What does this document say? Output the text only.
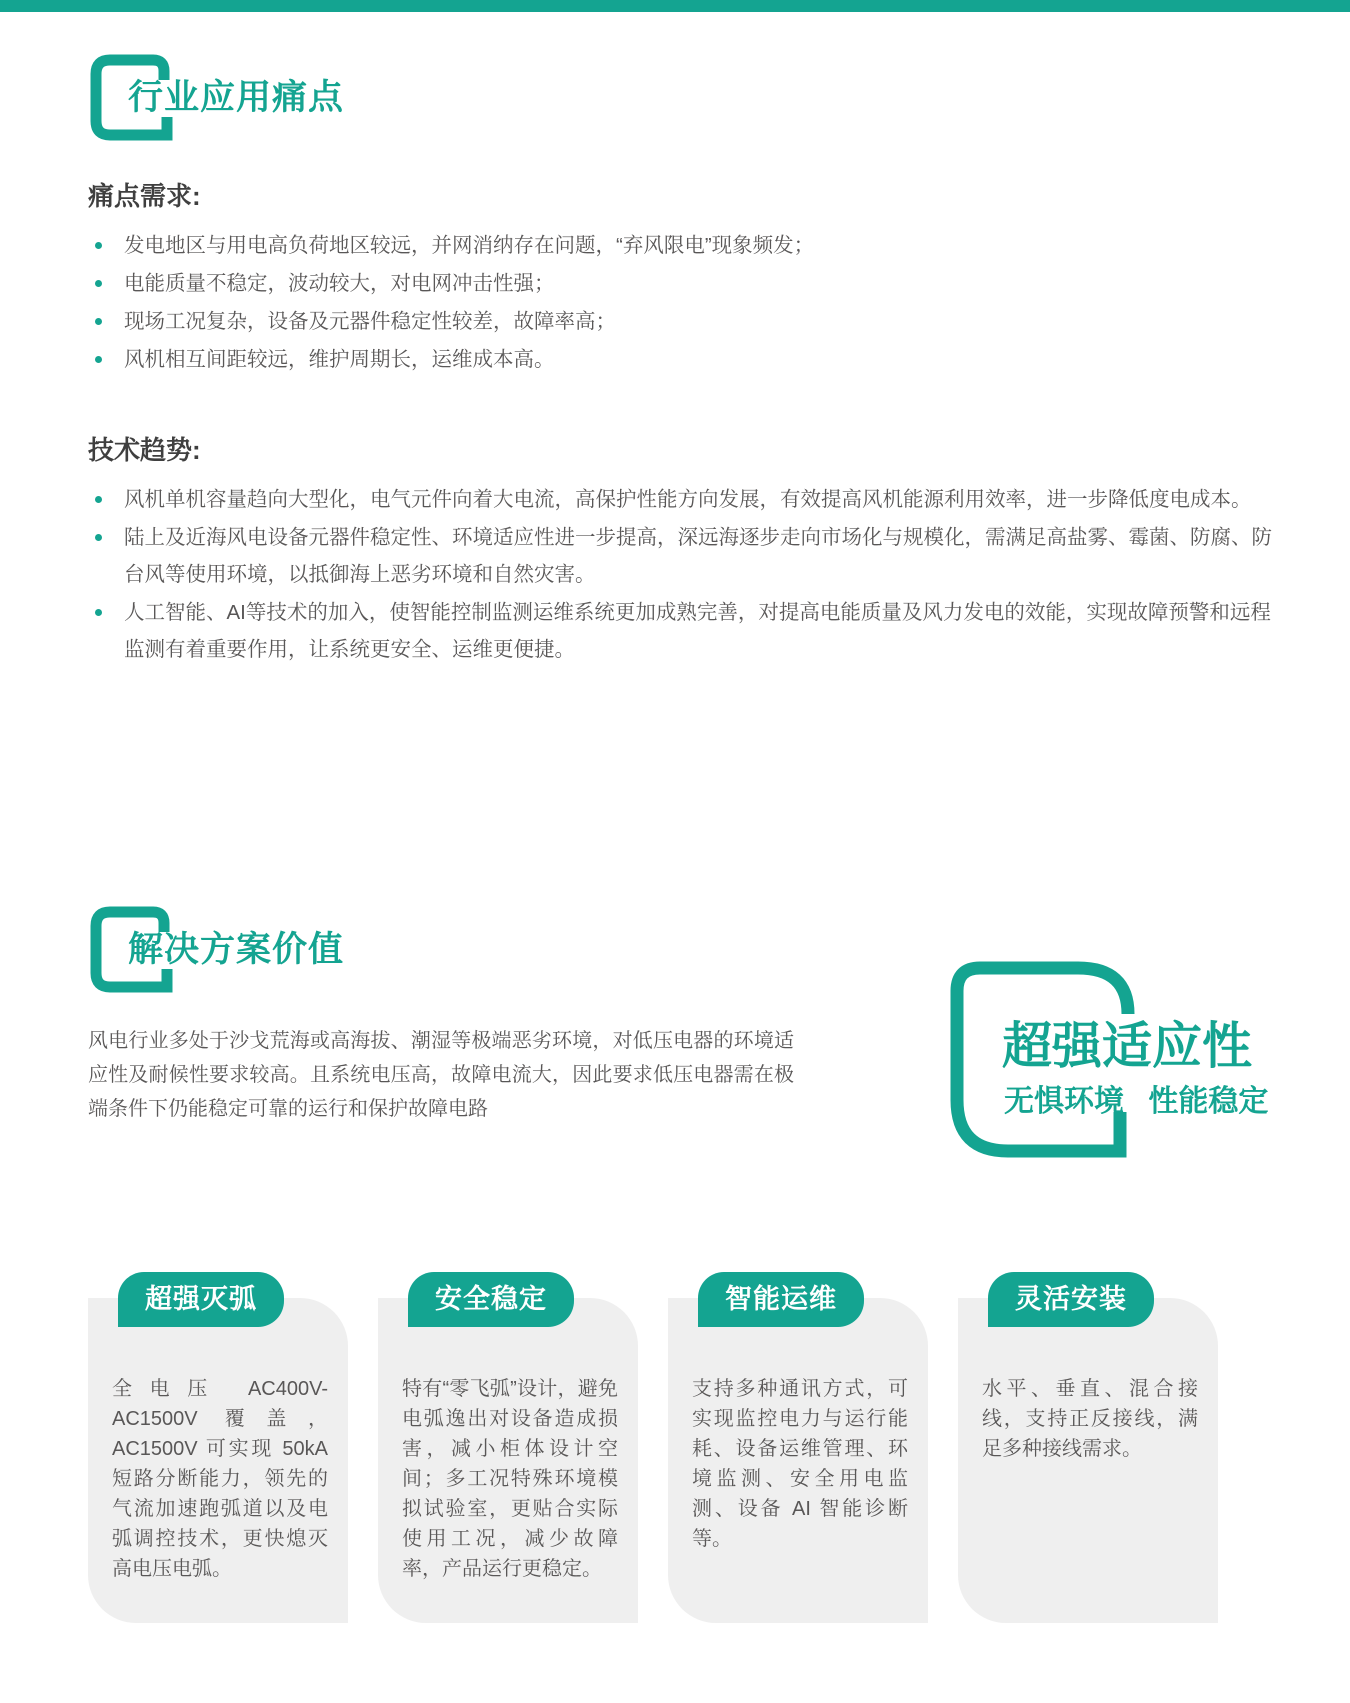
行业应用痛点
痛点需求:
发电地区与用电高负荷地区较远，并网消纳存在问题，“弃风限电”现象频发；
电能质量不稳定，波动较大，对电网冲击性强；
现场工况复杂，设备及元器件稳定性较差，故障率高；
风机相互间距较远，维护周期长，运维成本高。
技术趋势:
风机单机容量趋向大型化，电气元件向着大电流，高保护性能方向发展，有效提高风机能源利用效率，进一步降低度电成本。
陆上及近海风电设备元器件稳定性、环境适应性进一步提高，深远海逐步走向市场化与规模化，需满足高盐雾、霉菌、防腐、防台风等使用环境，以抵御海上恶劣环境和自然灾害。
人工智能、AI等技术的加入，使智能控制监测运维系统更加成熟完善，对提高电能质量及风力发电的效能，实现故障预警和远程监测有着重要作用，让系统更安全、运维更便捷。
解决方案价值

风电行业多处于沙戈荒海或高海拔、潮湿等极端恶劣环境，对低压电器的环境适应性及耐候性要求较高。且系统电压高，故障电流大，因此要求低压电器需在极端条件下仍能稳定可靠的运行和保护故障电路

超强适应性

无惧环境 性能稳定

超强灭弧

全电压 AC400V-AC1500V 覆盖，AC1500V 可实现 50kA 短路分断能力，领先的气流加速跑弧道以及电弧调控技术，更快熄灭高电压电弧。

安全稳定

特有“零飞弧”设计，避免电弧逸出对设备造成损害，减小柜体设计空间；多工况特殊环境模拟试验室，更贴合实际使用工况，减少故障率，产品运行更稳定。

智能运维

支持多种通讯方式，可实现监控电力与运行能耗、设备运维管理、环境监测、安全用电监测、设备 AI 智能诊断等。

灵活安装

水平、垂直、混合接线，支持正反接线，满足多种接线需求。
